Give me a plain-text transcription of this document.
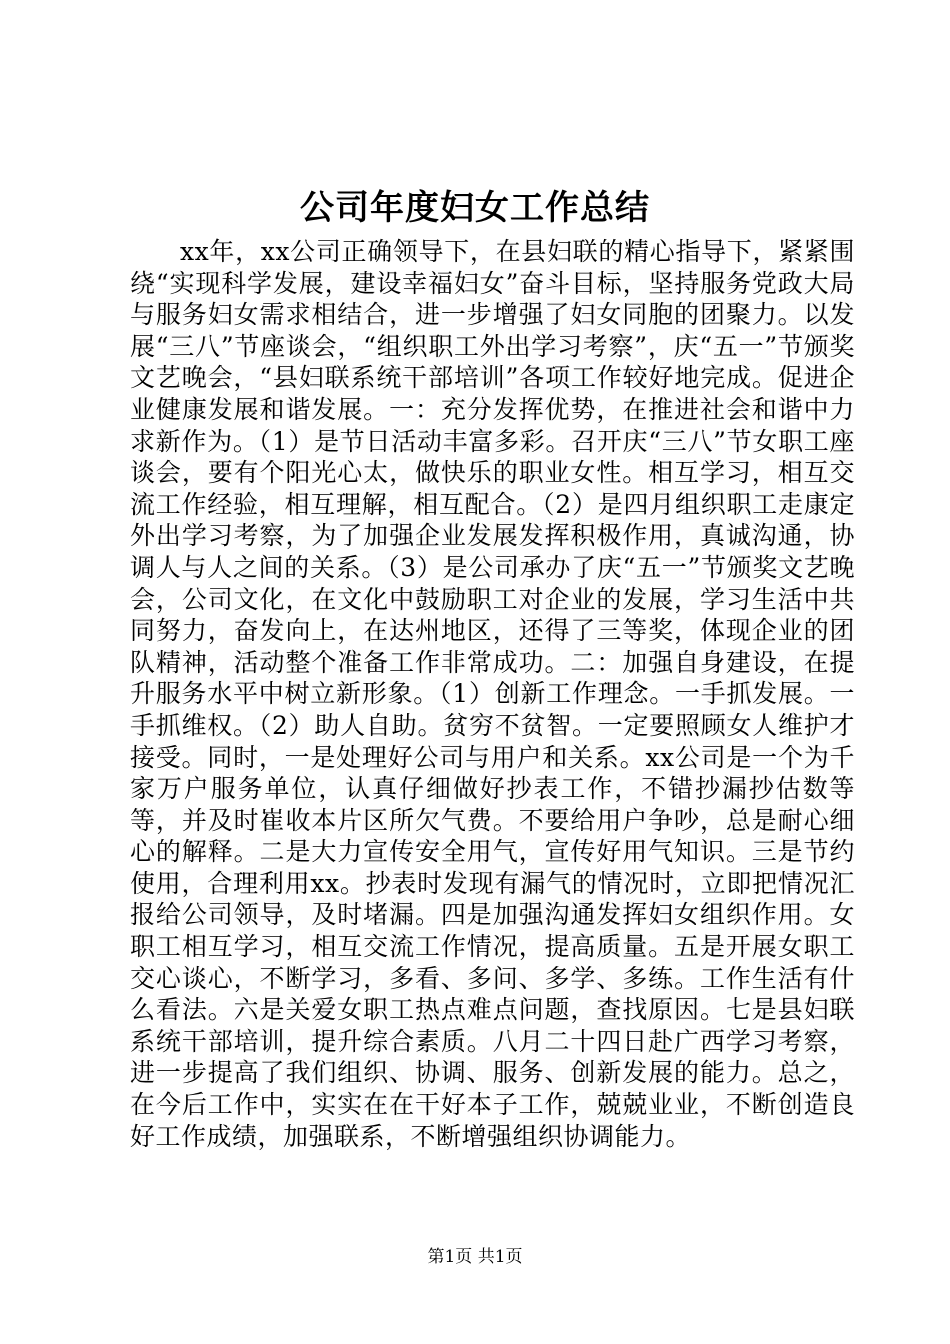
公司年度妇女工作总结

xx年，xx公司正确领导下，在县妇联的精心指导下，紧紧围绕“实现科学发展，建设幸福妇女”奋斗目标，坚持服务党政大局与服务妇女需求相结合，进一步增强了妇女同胞的团聚力。以发展“三八”节座谈会，“组织职工外出学习考察”，庆“五一”节颁奖文艺晚会，“县妇联系统干部培训”各项工作较好地完成。促进企业健康发展和谐发展。一：充分发挥优势，在推进社会和谐中力求新作为。（1）是节日活动丰富多彩。召开庆“三八”节女职工座谈会，要有个阳光心太，做快乐的职业女性。相互学习，相互交流工作经验，相互理解，相互配合。（2）是四月组织职工走康定外出学习考察，为了加强企业发展发挥积极作用，真诚沟通，协调人与人之间的关系。（3）是公司承办了庆“五一”节颁奖文艺晚会，公司文化，在文化中鼓励职工对企业的发展，学习生活中共同努力，奋发向上，在达州地区，还得了三等奖，体现企业的团队精神，活动整个准备工作非常成功。二：加强自身建设，在提升服务水平中树立新形象。（1）创新工作理念。一手抓发展。一手抓维权。（2）助人自助。贫穷不贫智。一定要照顾女人维护才接受。同时，一是处理好公司与用户和关系。xx公司是一个为千家万户服务单位，认真仔细做好抄表工作，不错抄漏抄估数等等，并及时崔收本片区所欠气费。不要给用户争吵，总是耐心细心的解释。二是大力宣传安全用气，宣传好用气知识。三是节约使用，合理利用xx。抄表时发现有漏气的情况时，立即把情况汇报给公司领导，及时堵漏。四是加强沟通发挥妇女组织作用。女职工相互学习，相互交流工作情况，提高质量。五是开展女职工交心谈心，不断学习，多看、多问、多学、多练。工作生活有什么看法。六是关爱女职工热点难点问题，查找原因。七是县妇联系统干部培训，提升综合素质。八月二十四日赴广西学习考察，进一步提高了我们组织、协调、服务、创新发展的能力。总之，在今后工作中，实实在在干好本子工作，兢兢业业，不断创造良好工作成绩，加强联系，不断增强组织协调能力。

第1页 共1页
